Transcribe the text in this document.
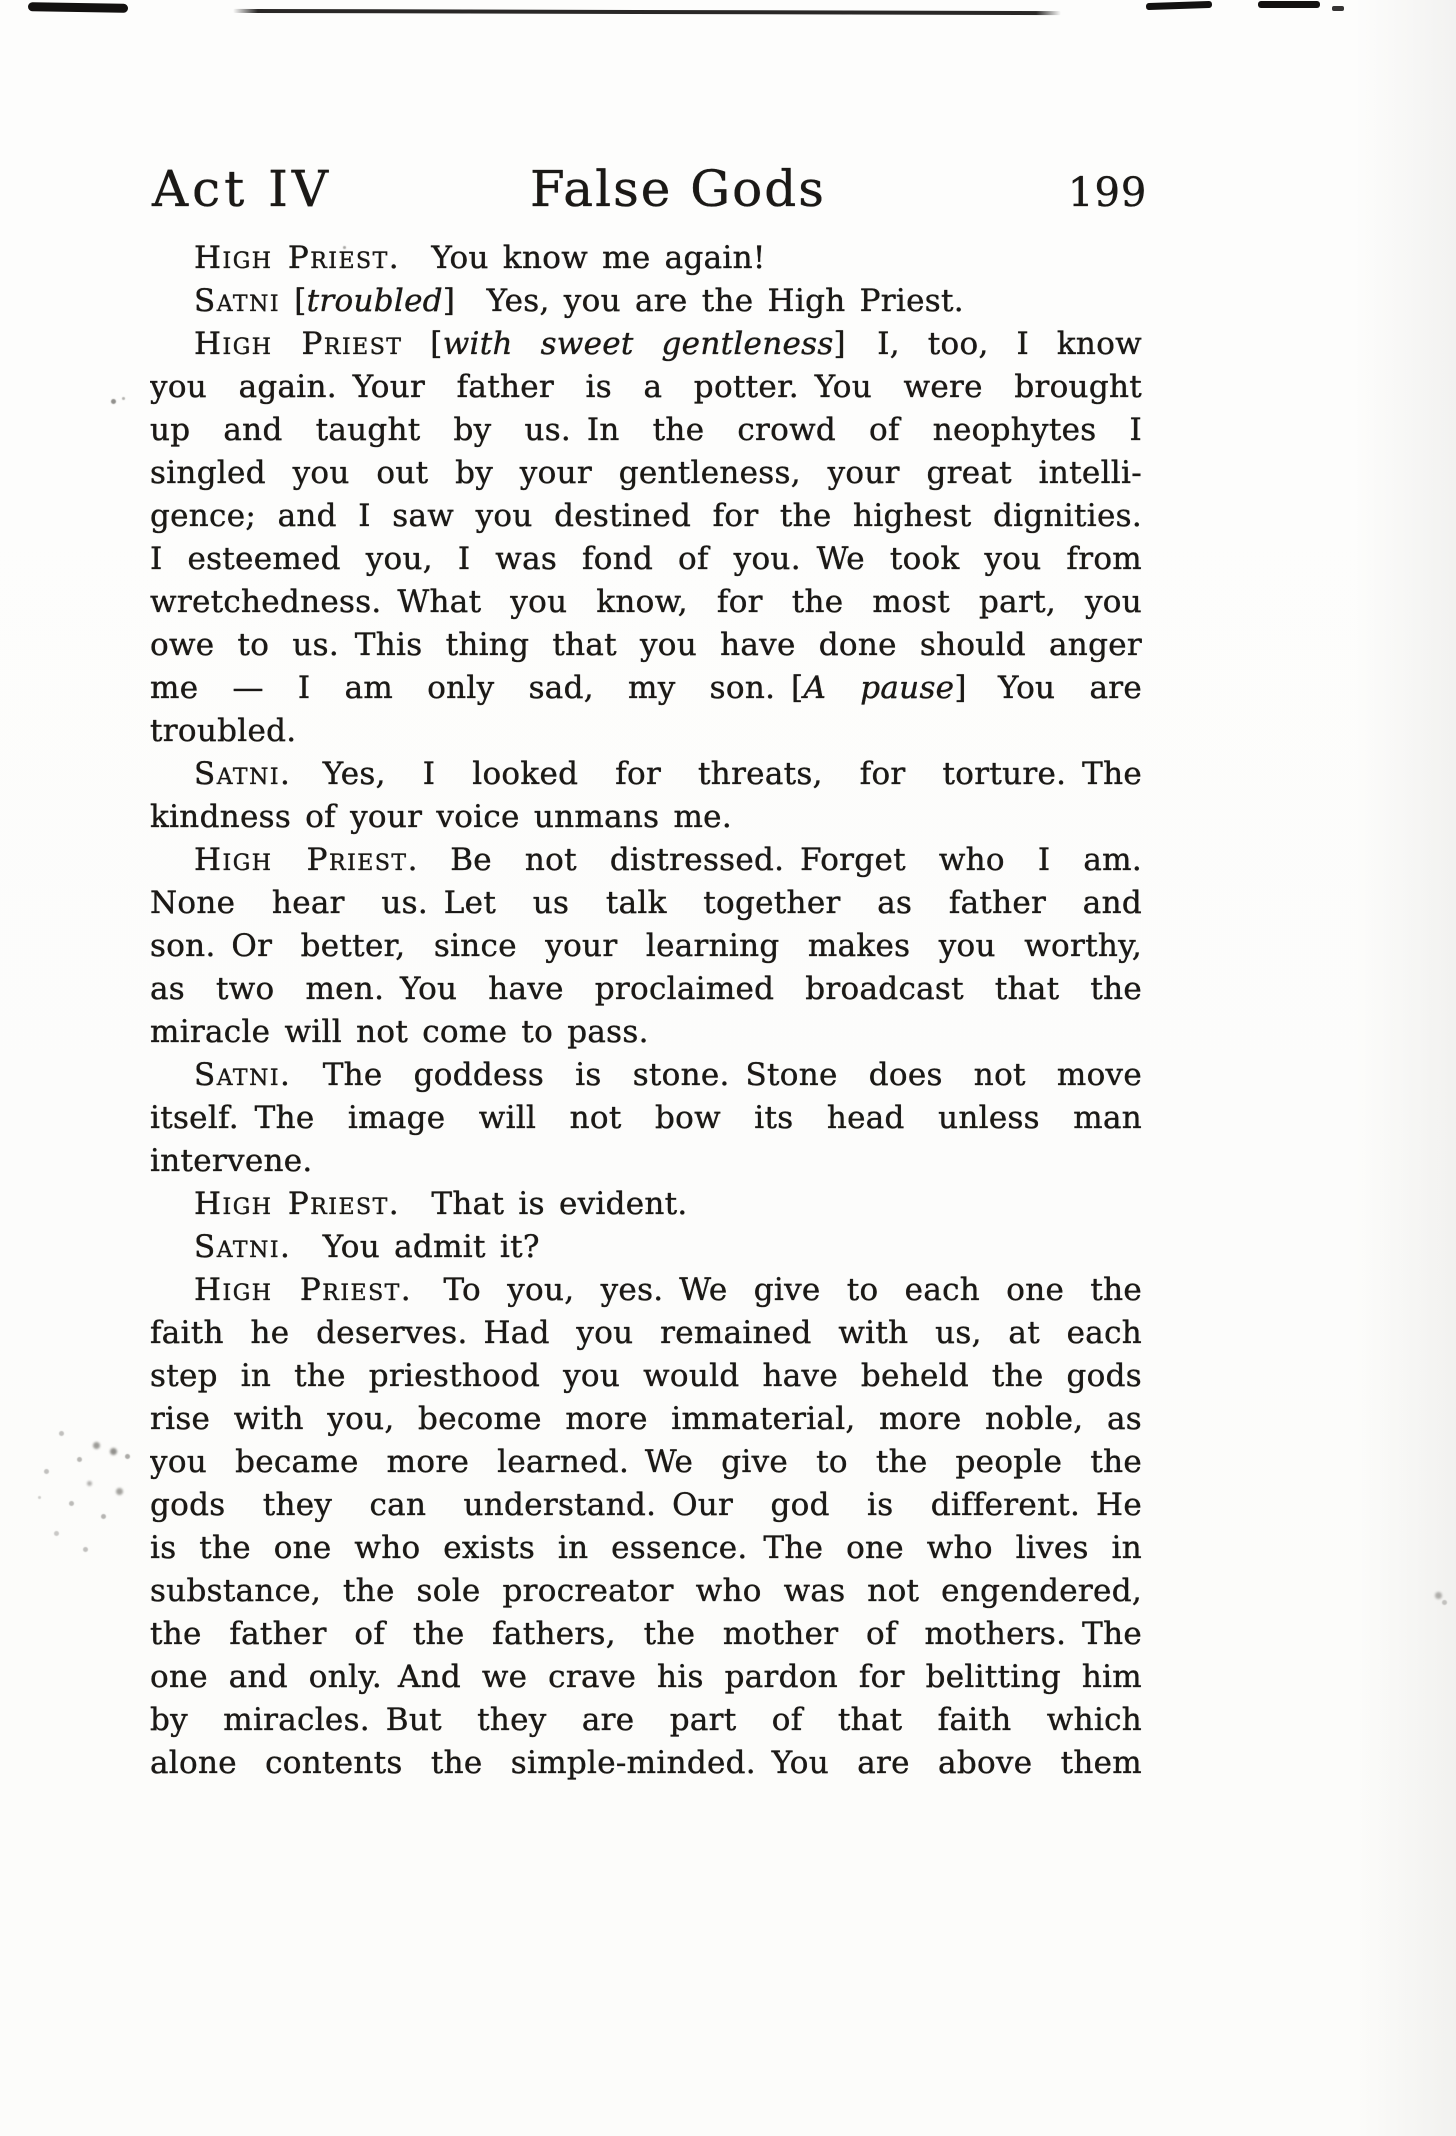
Act IV	False Gods	199
High Priest. You know me again!
Satni [troubled] Yes, you are the High Priest.
High Priest [with sweet gentleness] I, too, I know
you again. Your father is a potter. You were brought
up and taught by us. In the crowd of neophytes I
singled you out by your gentleness, your great intelli-
gence; and I saw you destined for the highest dignities.
I esteemed you, I was fond of you. We took you from
wretchedness. What you know, for the most part, you
owe to us. This thing that you have done should anger
me — I am only sad, my son. [A pause] You are
troubled.
Satni. Yes, I looked for threats, for torture. The
kindness of your voice unmans me.
High Priest. Be not distressed. Forget who I am.
None hear us. Let us talk together as father and
son. Or better, since your learning makes you worthy,
as two men. You have proclaimed broadcast that the
miracle will not come to pass.
Satni. The goddess is stone. Stone does not move
itself. The image will not bow its head unless man
intervene.
High Priest. That is evident.
Satni. You admit it?
High Priest. To you, yes. We give to each one the
faith he deserves. Had you remained with us, at each
step in the priesthood you would have beheld the gods
rise with you, become more immaterial, more noble, as
you became more learned. We give to the people the
gods they can understand. Our god is different. He
is the one who exists in essence. The one who lives in
substance, the sole procreator who was not engendered,
the father of the fathers, the mother of mothers. The
one and only. And we crave his pardon for belitting him
by miracles. But they are part of that faith which
alone contents the simple-minded. You are above them
